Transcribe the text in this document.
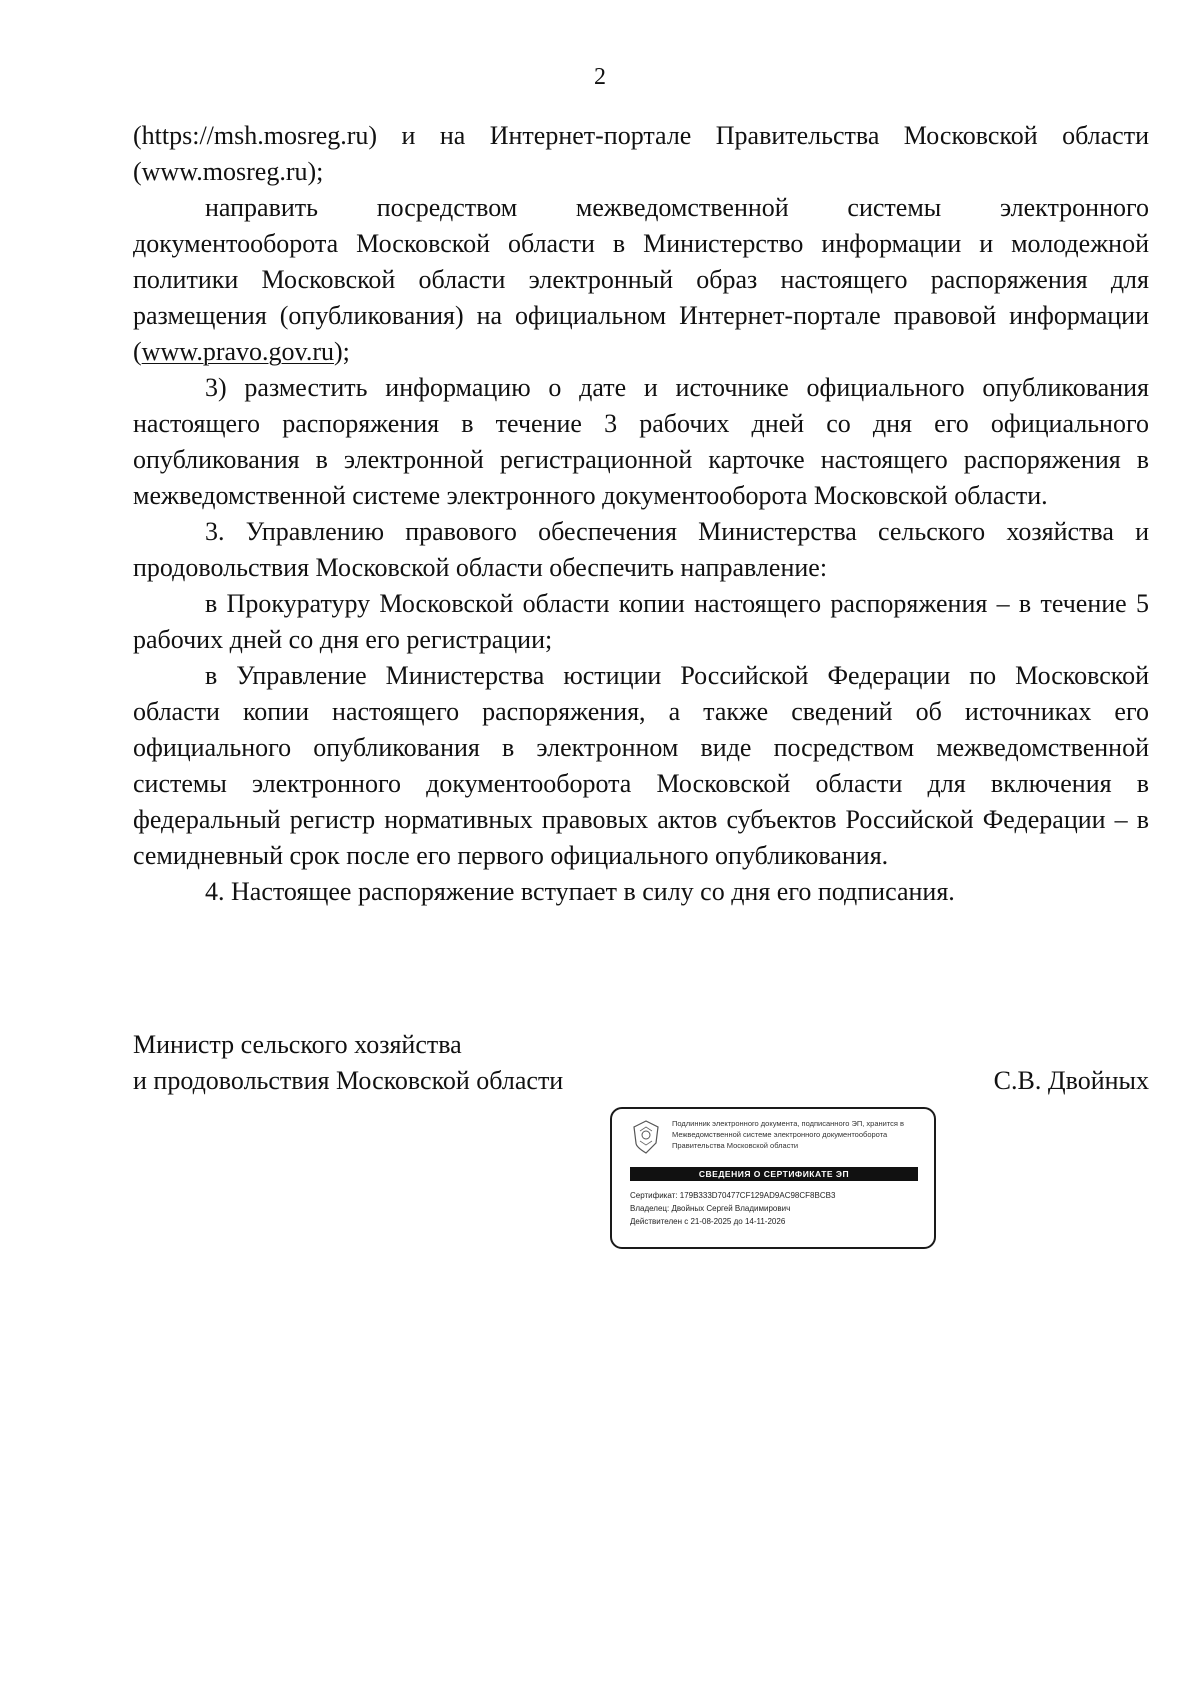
2

(https://msh.mosreg.ru) и на Интернет-портале Правительства Московской области (www.mosreg.ru);

направить посредством межведомственной системы электронного документооборота Московской области в Министерство информации и молодежной политики Московской области электронный образ настоящего распоряжения для размещения (опубликования) на официальном Интернет-портале правовой информации (www.pravo.gov.ru);

3) разместить информацию о дате и источнике официального опубликования настоящего распоряжения в течение 3 рабочих дней со дня его официального опубликования в электронной регистрационной карточке настоящего распоряжения в межведомственной системе электронного документооборота Московской области.

3. Управлению правового обеспечения Министерства сельского хозяйства и продовольствия Московской области обеспечить направление:

в Прокуратуру Московской области копии настоящего распоряжения – в течение 5 рабочих дней со дня его регистрации;

в Управление Министерства юстиции Российской Федерации по Московской области копии настоящего распоряжения, а также сведений об источниках его официального опубликования в электронном виде посредством межведомственной системы электронного документооборота Московской области для включения в федеральный регистр нормативных правовых актов субъектов Российской Федерации – в семидневный срок после его первого официального опубликования.

4. Настоящее распоряжение вступает в силу со дня его подписания.

Министр сельского хозяйства
и продовольствия Московской области	С.В. Двойных
Подлинник электронного документа, подписанного ЭП, хранится в Межведомственной системе электронного документооборота Правительства Московской области
СВЕДЕНИЯ О СЕРТИФИКАТЕ ЭП
Сертификат: 179B333D70477CF129AD9AC98CF8BCB3
Владелец: Двойных Сергей Владимирович
Действителен с 21-08-2025 до 14-11-2026
